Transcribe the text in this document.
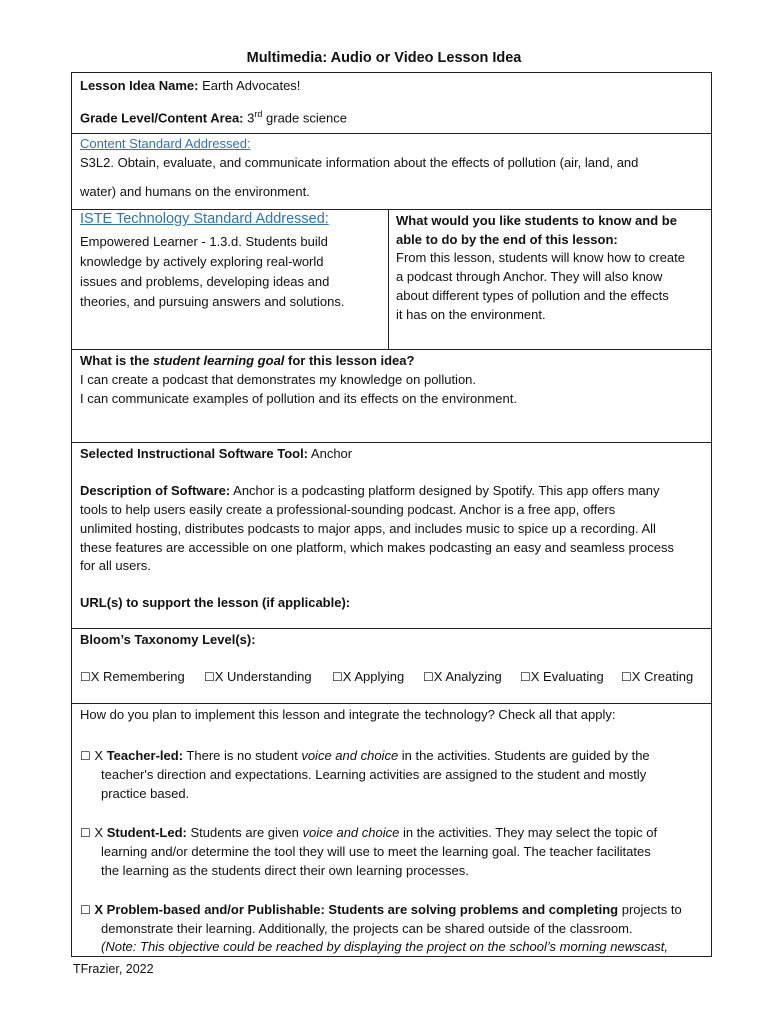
Multimedia: Audio or Video Lesson Idea
Lesson Idea Name: Earth Advocates!
Grade Level/Content Area: 3rd grade science
Content Standard Addressed:
S3L2. Obtain, evaluate, and communicate information about the effects of pollution (air, land, and
water) and humans on the environment.
ISTE Technology Standard Addressed:
Empowered Learner - 1.3.d. Students build
knowledge by actively exploring real-world
issues and problems, developing ideas and
theories, and pursuing answers and solutions.
What would you like students to know and be
able to do by the end of this lesson:
From this lesson, students will know how to create
a podcast through Anchor. They will also know
about different types of pollution and the effects
it has on the environment.
What is the student learning goal for this lesson idea?
I can create a podcast that demonstrates my knowledge on pollution.
I can communicate examples of pollution and its effects on the environment.
Selected Instructional Software Tool: Anchor
Description of Software: Anchor is a podcasting platform designed by Spotify. This app offers many
tools to help users easily create a professional-sounding podcast. Anchor is a free app, offers
unlimited hosting, distributes podcasts to major apps, and includes music to spice up a recording. All
these features are accessible on one platform, which makes podcasting an easy and seamless process
for all users.
URL(s) to support the lesson (if applicable):
Bloom’s Taxonomy Level(s):
☐X Remembering	☐X Understanding	☐X Applying	☐X Analyzing	☐X Evaluating	☐X Creating
How do you plan to implement this lesson and integrate the technology? Check all that apply:
☐ X Teacher-led: There is no student voice and choice in the activities. Students are guided by the
teacher's direction and expectations. Learning activities are assigned to the student and mostly
practice based.
☐ X Student-Led: Students are given voice and choice in the activities. They may select the topic of
learning and/or determine the tool they will use to meet the learning goal. The teacher facilitates
the learning as the students direct their own learning processes.
☐ X Problem-based and/or Publishable: Students are solving problems and completing projects to
demonstrate their learning. Additionally, the projects can be shared outside of the classroom.
(Note: This objective could be reached by displaying the project on the school’s morning newscast,
TFrazier, 2022
